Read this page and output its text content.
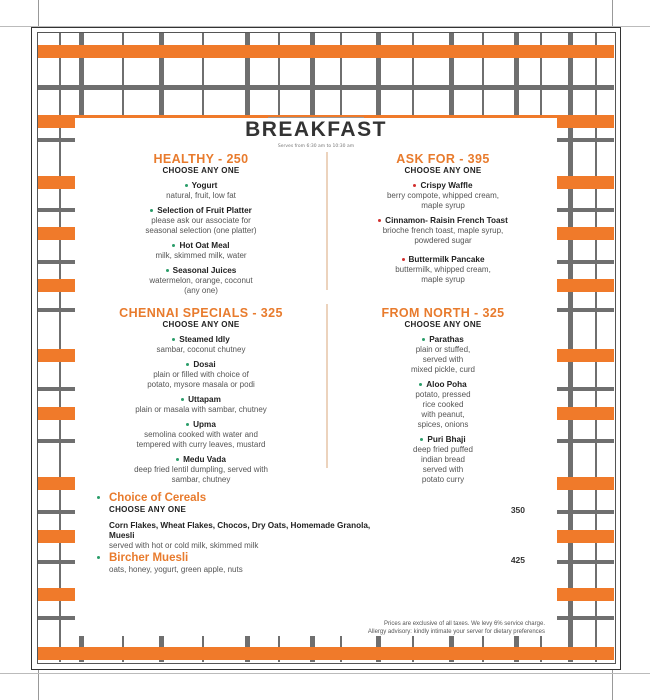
BREAKFAST
Serves from 6:30 am to 10:30 am
HEALTHY - 250
CHOOSE ANY ONE
Yogurt
natural, fruit, low fat
Selection of Fruit Platter
please ask our associate for
seasonal selection (one platter)
Hot Oat Meal
milk, skimmed milk, water
Seasonal Juices
watermelon, orange, coconut
(any one)
ASK FOR - 395
CHOOSE ANY ONE
Crispy Waffle
berry compote, whipped cream,
maple syrup
Cinnamon- Raisin French Toast
brioche french toast, maple syrup,
powdered sugar
Buttermilk Pancake
buttermilk, whipped cream,
maple syrup
CHENNAI SPECIALS - 325
CHOOSE ANY ONE
Steamed Idly
sambar, coconut chutney
Dosai
plain or filled with choice of
potato, mysore masala or podi
Uttapam
plain or masala with sambar, chutney
Upma
semolina cooked with water and
tempered with curry leaves, mustard
Medu Vada
deep fried lentil dumpling, served with
sambar, chutney
FROM NORTH - 325
CHOOSE ANY ONE
Parathas
plain or stuffed,
served with
mixed pickle, curd
Aloo Poha
potato, pressed
rice cooked
with peanut,
spices, onions
Puri Bhaji
deep fried puffed
indian bread
served with
potato curry
Choice of Cereals
CHOOSE ANY ONE	350
Corn Flakes, Wheat Flakes, Chocos, Dry Oats, Homemade Granola,
Muesli
served with hot or cold milk, skimmed milk
Bircher Muesli	425
oats, honey, yogurt, green apple, nuts
Prices are exclusive of all taxes. We levy 6% service charge.
Allergy advisory: kindly intimate your server for dietary preferences
